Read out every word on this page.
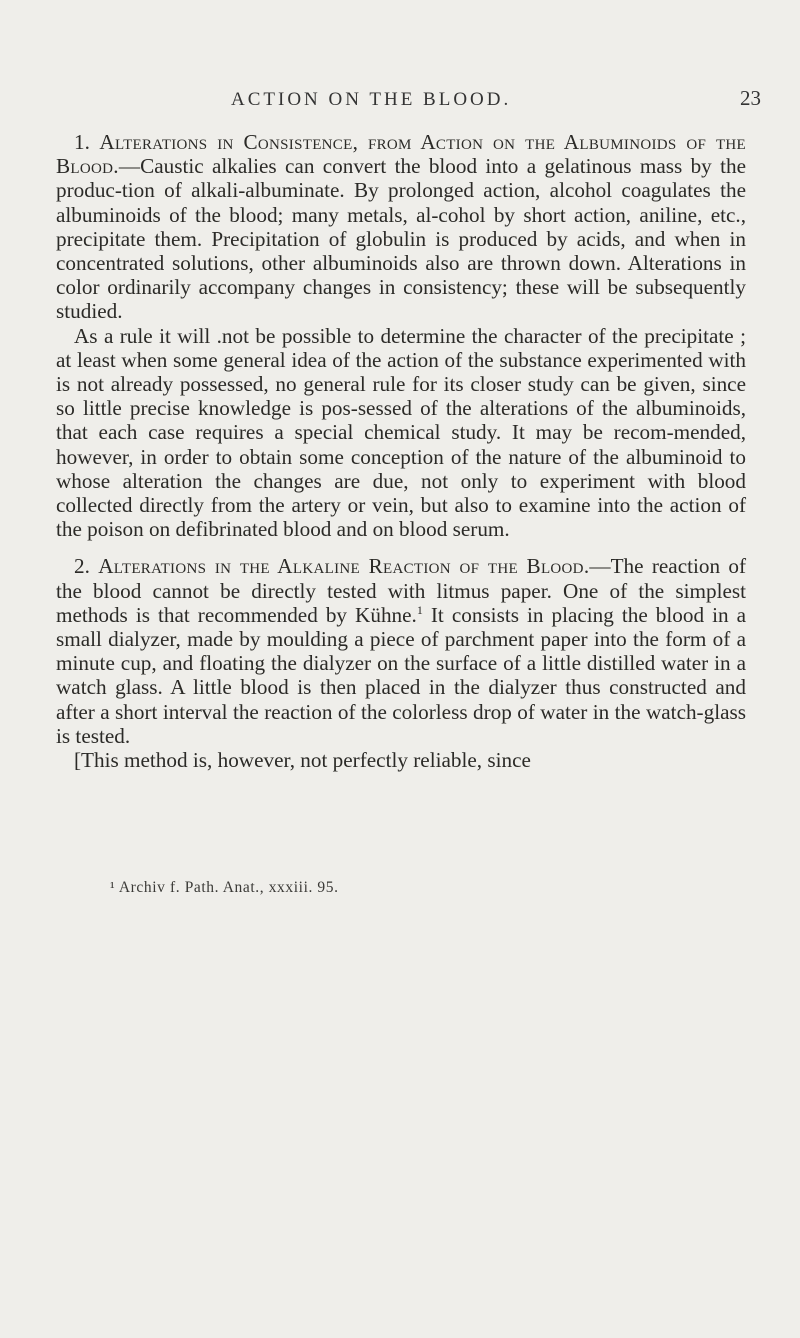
ACTION ON THE BLOOD.	23

1. Alterations in Consistence, from Action on the Albuminoids of the Blood.—Caustic alkalies can convert the blood into a gelatinous mass by the produc-tion of alkali-albuminate. By prolonged action, alcohol coagulates the albuminoids of the blood; many metals, al-cohol by short action, aniline, etc., precipitate them. Precipitation of globulin is produced by acids, and when in concentrated solutions, other albuminoids also are thrown down. Alterations in color ordinarily accompany changes in consistency; these will be subsequently studied.

As a rule it will .not be possible to determine the character of the precipitate ; at least when some general idea of the action of the substance experimented with is not already possessed, no general rule for its closer study can be given, since so little precise knowledge is pos-sessed of the alterations of the albuminoids, that each case requires a special chemical study. It may be recom-mended, however, in order to obtain some conception of the nature of the albuminoid to whose alteration the changes are due, not only to experiment with blood collected directly from the artery or vein, but also to examine into the action of the poison on defibrinated blood and on blood serum.

2. Alterations in the Alkaline Reaction of the Blood.—The reaction of the blood cannot be directly tested with litmus paper. One of the simplest methods is that recommended by Kühne.$^1$ It consists in placing the blood in a small dialyzer, made by moulding a piece of parchment paper into the form of a minute cup, and floating the dialyzer on the surface of a little distilled water in a watch glass. A little blood is then placed in the dialyzer thus constructed and after a short interval the reaction of the colorless drop of water in the watch-glass is tested.

[This method is, however, not perfectly reliable, since

¹ Archiv f. Path. Anat., xxxiii. 95.
